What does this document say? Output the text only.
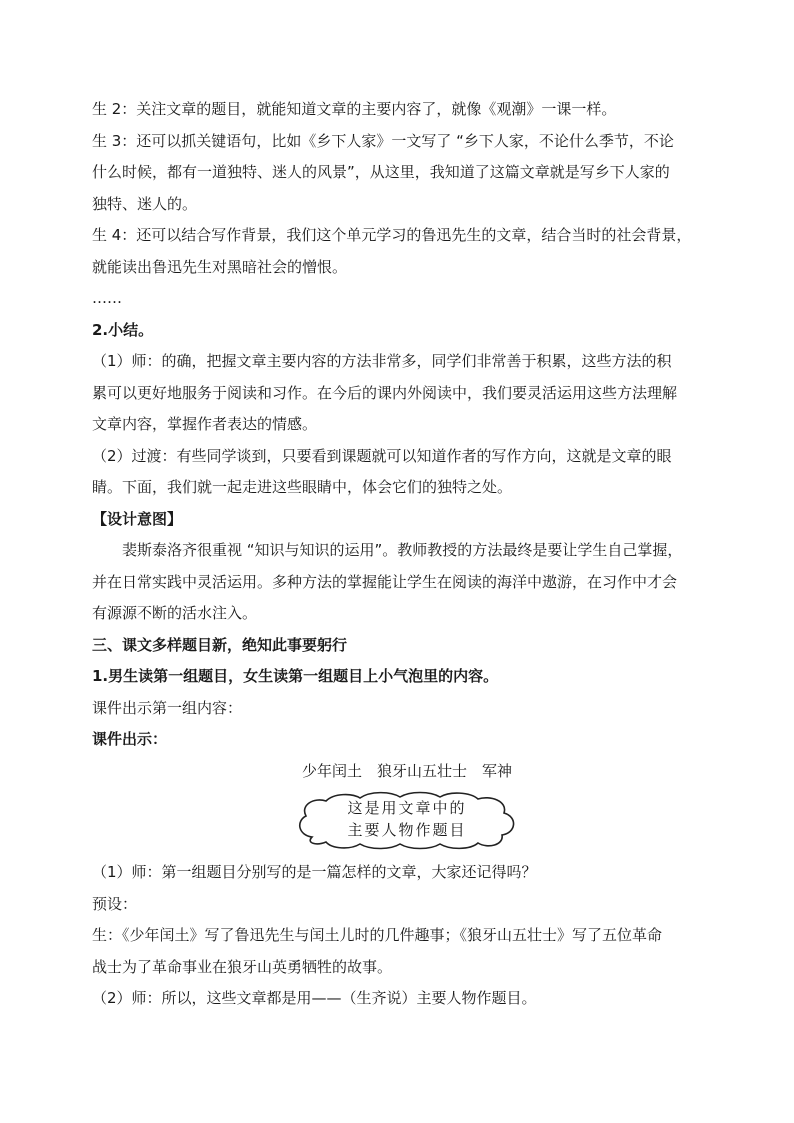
生 2：关注文章的题目，就能知道文章的主要内容了，就像《观潮》一课一样。

生 3：还可以抓关键语句，比如《乡下人家》一文写了 “乡下人家，不论什么季节，不论

什么时候，都有一道独特、迷人的风景”，从这里，我知道了这篇文章就是写乡下人家的

独特、迷人的。

生 4：还可以结合写作背景，我们这个单元学习的鲁迅先生的文章，结合当时的社会背景，

就能读出鲁迅先生对黑暗社会的憎恨。

……

2.小结。

（1）师：的确，把握文章主要内容的方法非常多，同学们非常善于积累，这些方法的积

累可以更好地服务于阅读和习作。在今后的课内外阅读中，我们要灵活运用这些方法理解

文章内容，掌握作者表达的情感。

（2）过渡：有些同学谈到，只要看到课题就可以知道作者的写作方向，这就是文章的眼

睛。下面，我们就一起走进这些眼睛中，体会它们的独特之处。

【设计意图】

裴斯泰洛齐很重视 “知识与知识的运用”。教师教授的方法最终是要让学生自己掌握，

并在日常实践中灵活运用。多种方法的掌握能让学生在阅读的海洋中遨游，在习作中才会

有源源不断的活水注入。

三、课文多样题目新，绝知此事要躬行

1.男生读第一组题目，女生读第一组题目上小气泡里的内容。

课件出示第一组内容：

课件出示：

少年闰土　狼牙山五壮士　军神

这是用文章中的
主要人物作题目

（1）师：第一组题目分别写的是一篇怎样的文章，大家还记得吗？

预设：

生：《少年闰土》写了鲁迅先生与闰土儿时的几件趣事；《狼牙山五壮士》写了五位革命

战士为了革命事业在狼牙山英勇牺牲的故事。

（2）师：所以，这些文章都是用——（生齐说）主要人物作题目。
